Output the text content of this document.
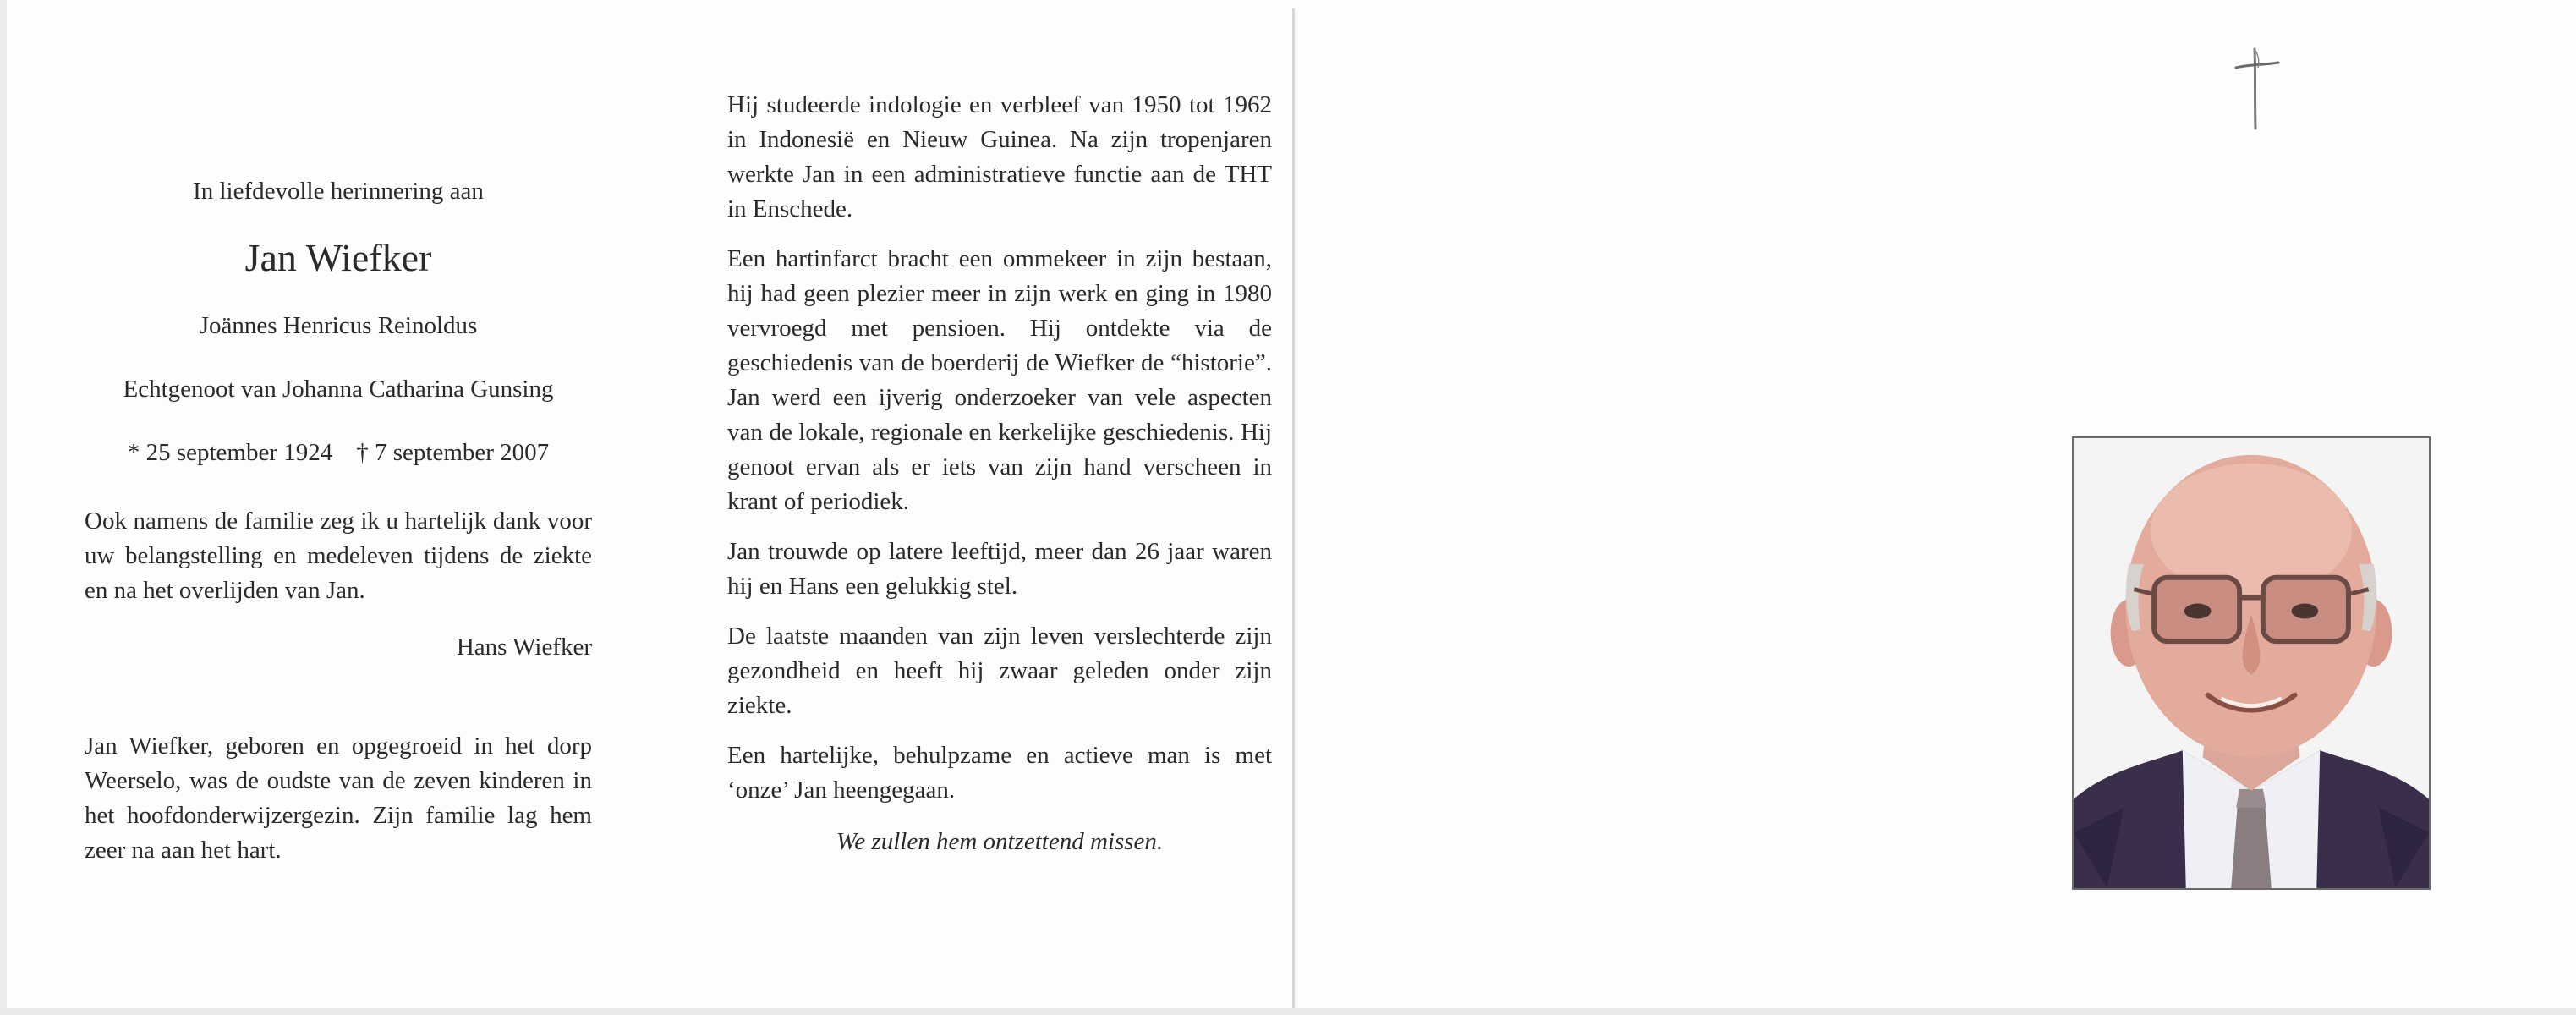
In liefdevolle herinnering aan
Jan Wiefker
Joännes Henricus Reinoldus
Echtgenoot van Johanna Catharina Gunsing
* 25 september 1924 † 7 september 2007

Ook namens de familie zeg ik u hartelijk dank voor uw belangstelling en medeleven tijdens de ziekte en na het overlijden van Jan.

Hans Wiefker

Jan Wiefker, geboren en opgegroeid in het dorp Weerselo, was de oudste van de zeven kinderen in het hoofdonderwijzergezin. Zijn familie lag hem zeer na aan het hart.

Hij studeerde indologie en verbleef van 1950 tot 1962 in Indonesië en Nieuw Guinea. Na zijn tropenjaren werkte Jan in een administratieve functie aan de THT in Enschede.

Een hartinfarct bracht een ommekeer in zijn bestaan, hij had geen plezier meer in zijn werk en ging in 1980 vervroegd met pensioen. Hij ontdekte via de geschiedenis van de boerderij de Wiefker de “historie”. Jan werd een ijverig onderzoeker van vele aspecten van de lokale, regionale en kerkelijke geschiedenis. Hij genoot ervan als er iets van zijn hand verscheen in krant of periodiek.

Jan trouwde op latere leeftijd, meer dan 26 jaar waren hij en Hans een gelukkig stel.

De laatste maanden van zijn leven verslechterde zijn gezondheid en heeft hij zwaar geleden onder zijn ziekte.

Een hartelijke, behulpzame en actieve man is met ‘onze’ Jan heengegaan.

We zullen hem ontzettend missen.
